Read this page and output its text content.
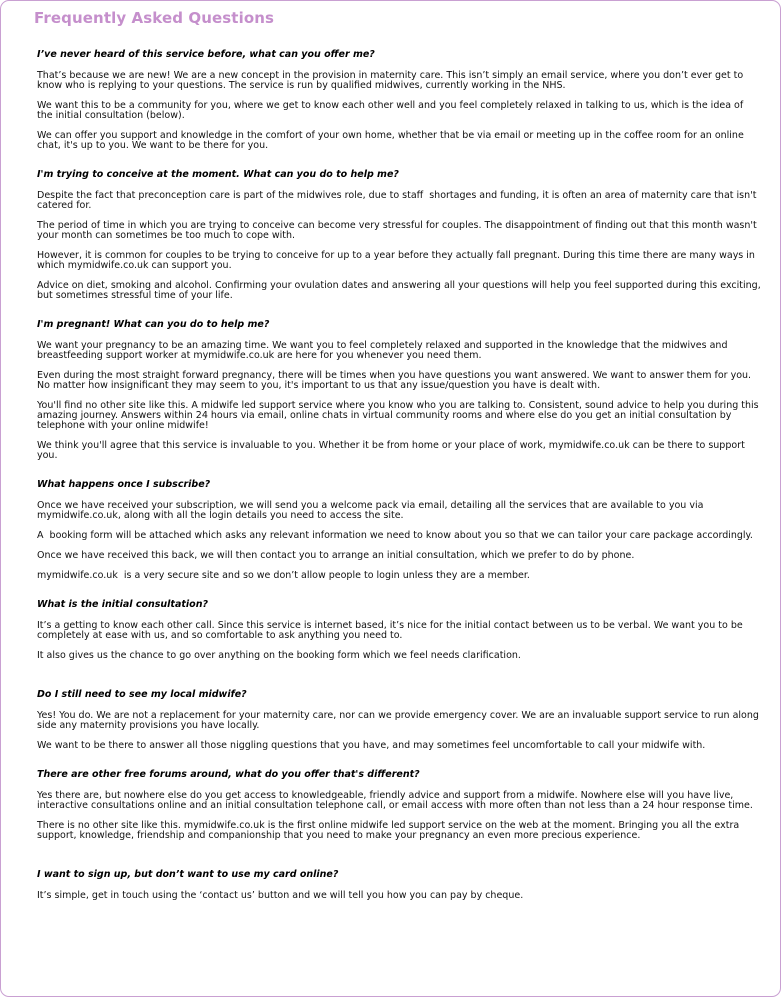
Frequently Asked Questions

I’ve never heard of this service before, what can you offer me?

That’s because we are new! We are a new concept in the provision in maternity care. This isn’t simply an email service, where you don’t ever get to know who is replying to your questions. The service is run by qualified midwives, currently working in the NHS.

We want this to be a community for you, where we get to know each other well and you feel completely relaxed in talking to us, which is the idea of the initial consultation (below).

We can offer you support and knowledge in the comfort of your own home, whether that be via email or meeting up in the coffee room for an online chat, it's up to you. We want to be there for you.

I'm trying to conceive at the moment. What can you do to help me?

Despite the fact that preconception care is part of the midwives role, due to staff  shortages and funding, it is often an area of maternity care that isn't catered for.

The period of time in which you are trying to conceive can become very stressful for couples. The disappointment of finding out that this month wasn't your month can sometimes be too much to cope with.

However, it is common for couples to be trying to conceive for up to a year before they actually fall pregnant. During this time there are many ways in which mymidwife.co.uk can support you.

Advice on diet, smoking and alcohol. Confirming your ovulation dates and answering all your questions will help you feel supported during this exciting, but sometimes stressful time of your life.

I'm pregnant! What can you do to help me?

We want your pregnancy to be an amazing time. We want you to feel completely relaxed and supported in the knowledge that the midwives and breastfeeding support worker at mymidwife.co.uk are here for you whenever you need them.

Even during the most straight forward pregnancy, there will be times when you have questions you want answered. We want to answer them for you. No matter how insignificant they may seem to you, it's important to us that any issue/question you have is dealt with.

You'll find no other site like this. A midwife led support service where you know who you are talking to. Consistent, sound advice to help you during this amazing journey. Answers within 24 hours via email, online chats in virtual community rooms and where else do you get an initial consultation by telephone with your online midwife!

We think you'll agree that this service is invaluable to you. Whether it be from home or your place of work, mymidwife.co.uk can be there to support you.

What happens once I subscribe?

Once we have received your subscription, we will send you a welcome pack via email, detailing all the services that are available to you via mymidwife.co.uk, along with all the login details you need to access the site.

A  booking form will be attached which asks any relevant information we need to know about you so that we can tailor your care package accordingly.

Once we have received this back, we will then contact you to arrange an initial consultation, which we prefer to do by phone.

mymidwife.co.uk  is a very secure site and so we don’t allow people to login unless they are a member.

What is the initial consultation?

It’s a getting to know each other call. Since this service is internet based, it’s nice for the initial contact between us to be verbal. We want you to be completely at ease with us, and so comfortable to ask anything you need to.

It also gives us the chance to go over anything on the booking form which we feel needs clarification.

Do I still need to see my local midwife?

Yes! You do. We are not a replacement for your maternity care, nor can we provide emergency cover. We are an invaluable support service to run along side any maternity provisions you have locally.

We want to be there to answer all those niggling questions that you have, and may sometimes feel uncomfortable to call your midwife with.

There are other free forums around, what do you offer that's different?

Yes there are, but nowhere else do you get access to knowledgeable, friendly advice and support from a midwife. Nowhere else will you have live, interactive consultations online and an initial consultation telephone call, or email access with more often than not less than a 24 hour response time.

There is no other site like this. mymidwife.co.uk is the first online midwife led support service on the web at the moment. Bringing you all the extra support, knowledge, friendship and companionship that you need to make your pregnancy an even more precious experience.

I want to sign up, but don’t want to use my card online?

It’s simple, get in touch using the ‘contact us’ button and we will tell you how you can pay by cheque.
